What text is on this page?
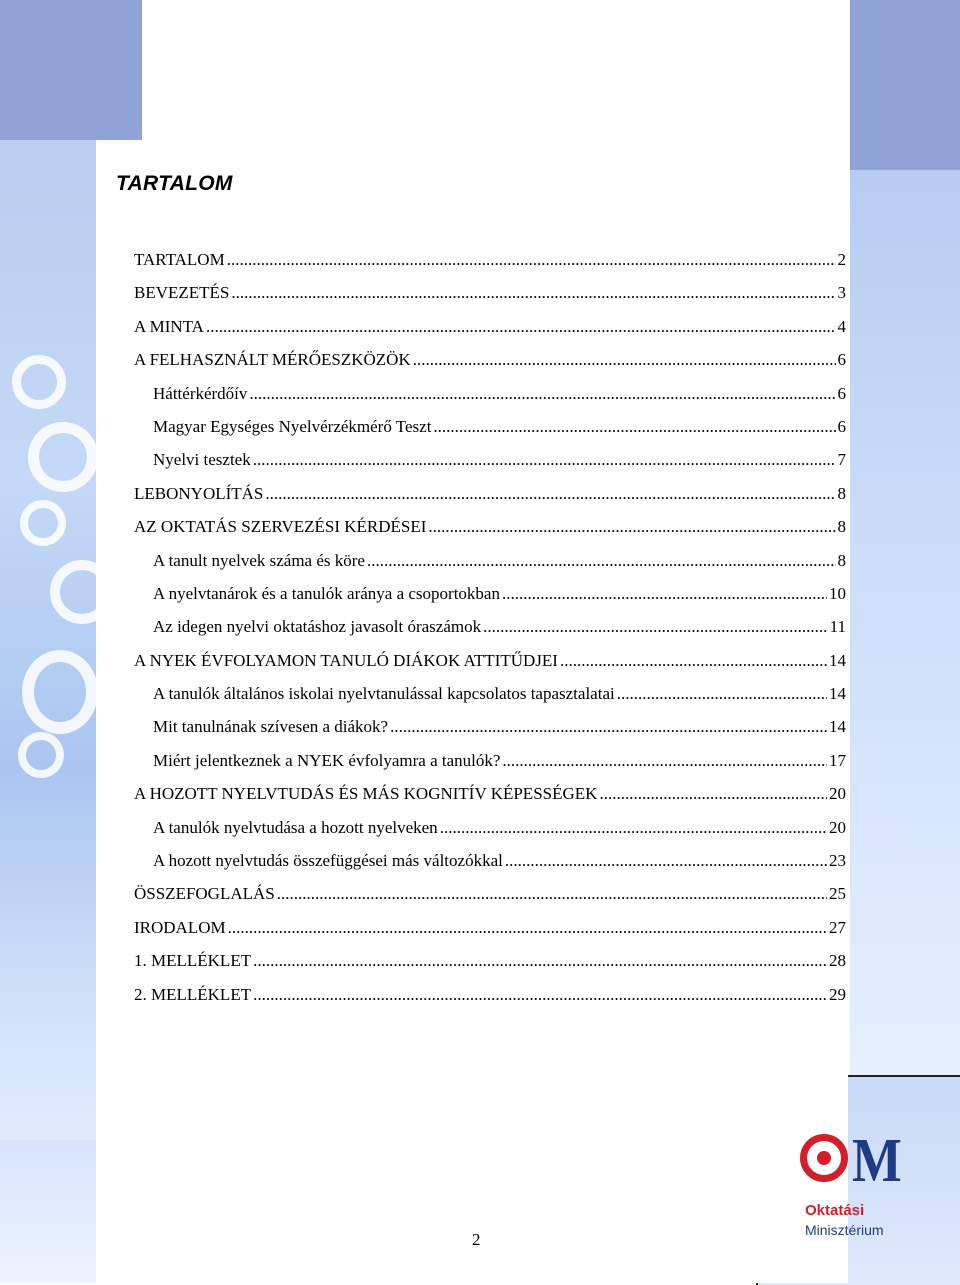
TARTALOM
TARTALOM .....	2
BEVEZETÉS .....	3
A MINTA .....	4
A FELHASZNÁLT MÉRŐESZKÖZÖK .....	6
Háttérkérdőív .....	6
Magyar Egységes Nyelvérzékmérő Teszt .....	6
Nyelvi tesztek .....	7
LEBONYOLÍTÁS .....	8
AZ OKTATÁS SZERVEZÉSI KÉRDÉSEI .....	8
A tanult nyelvek száma és köre .....	8
A nyelvtanárok és a tanulók aránya a csoportokban .....	10
Az idegen nyelvi oktatáshoz javasolt óraszámok .....	11
A NYEK ÉVFOLYAMON TANULÓ DIÁKOK ATTITŰDJEI .....	14
A tanulók általános iskolai nyelvtanulással kapcsolatos tapasztalatai .....	14
Mit tanulnának szívesen a diákok? .....	14
Miért jelentkeznek a NYEK évfolyamra a tanulók? .....	17
A HOZOTT NYELVTUDÁS ÉS MÁS KOGNITÍV KÉPESSÉGEK .....	20
A tanulók nyelvtudása a hozott nyelveken .....	20
A hozott nyelvtudás összefüggései más változókkal .....	23
ÖSSZEFOGLALÁS .....	25
IRODALOM .....	27
1. MELLÉKLET .....	28
2. MELLÉKLET .....	29
2
M
Oktatási
Minisztérium
